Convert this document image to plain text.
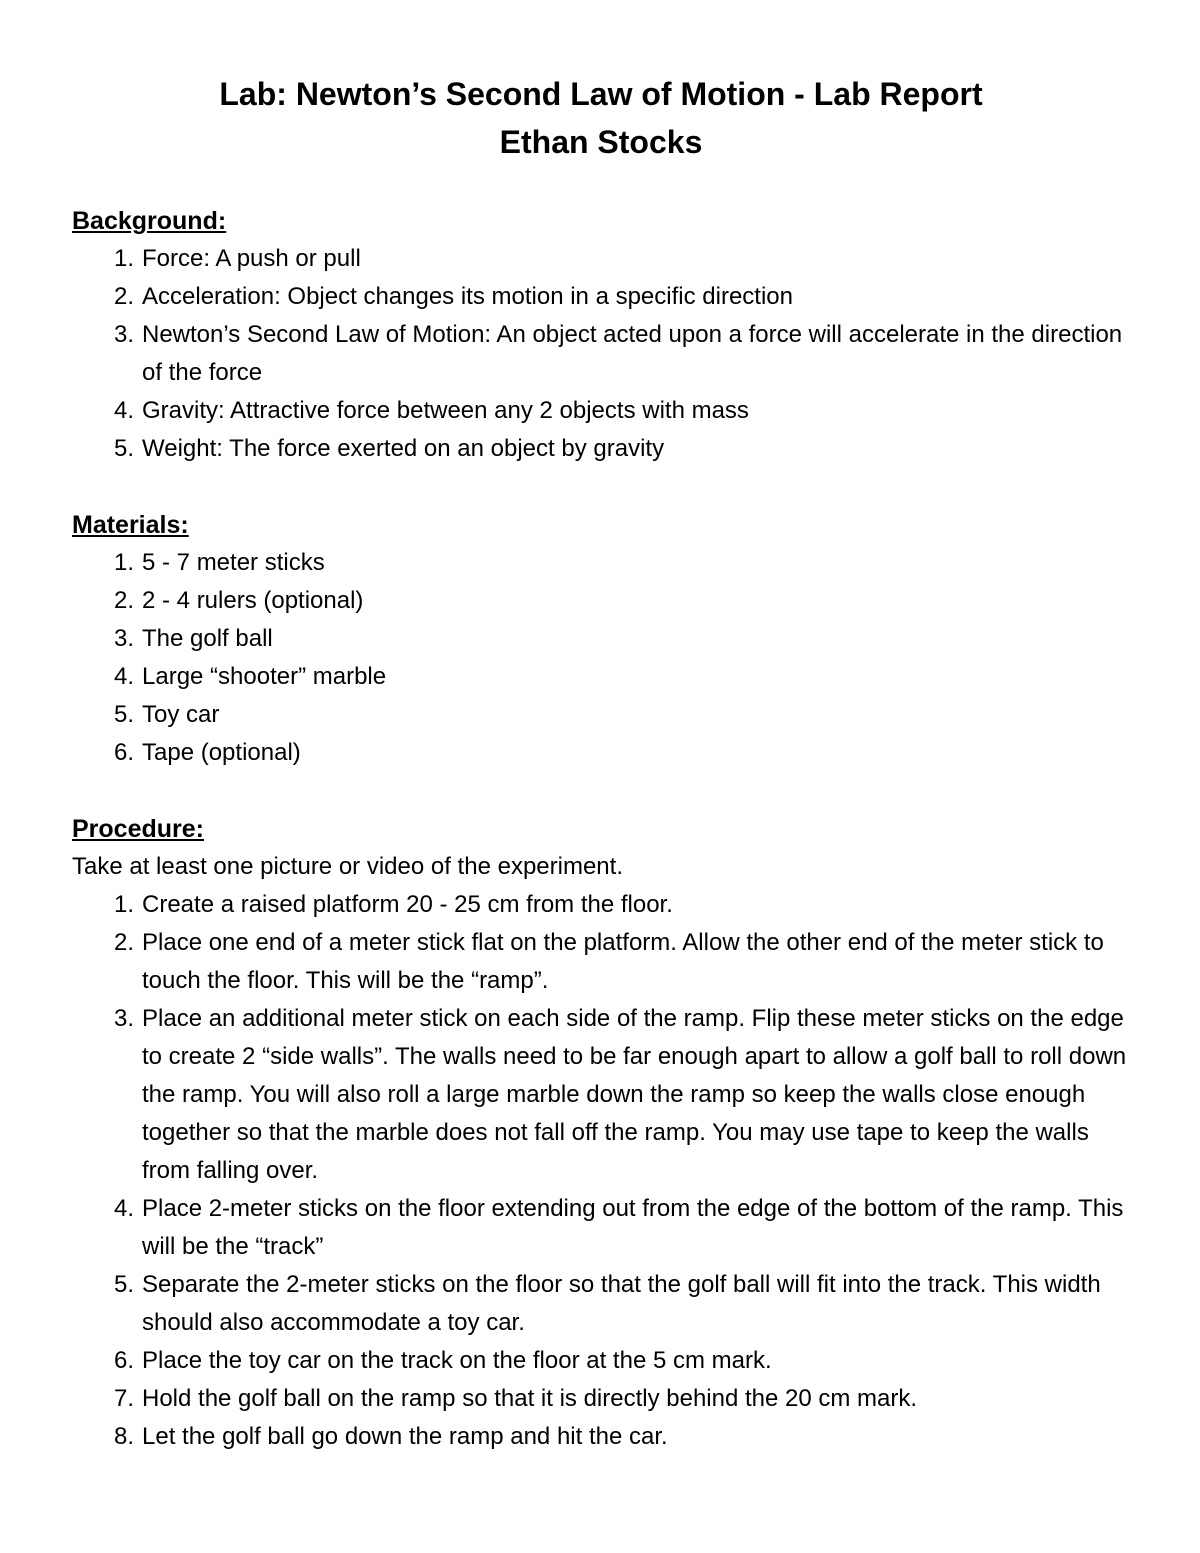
Lab: Newton’s Second Law of Motion - Lab Report
Ethan Stocks
Background:
1. Force: A push or pull
2. Acceleration: Object changes its motion in a specific direction
3. Newton’s Second Law of Motion: An object acted upon a force will accelerate in the direction of the force
4. Gravity: Attractive force between any 2 objects with mass
5. Weight: The force exerted on an object by gravity
Materials:
1. 5 - 7 meter sticks
2. 2 - 4 rulers (optional)
3. The golf ball
4. Large “shooter” marble
5. Toy car
6. Tape (optional)
Procedure:

Take at least one picture or video of the experiment.

1. Create a raised platform 20 - 25 cm from the floor.
2. Place one end of a meter stick flat on the platform. Allow the other end of the meter stick to touch the floor. This will be the “ramp”.
3. Place an additional meter stick on each side of the ramp. Flip these meter sticks on the edge to create 2 “side walls”. The walls need to be far enough apart to allow a golf ball to roll down the ramp. You will also roll a large marble down the ramp so keep the walls close enough together so that the marble does not fall off the ramp. You may use tape to keep the walls from falling over.
4. Place 2-meter sticks on the floor extending out from the edge of the bottom of the ramp. This will be the “track”
5. Separate the 2-meter sticks on the floor so that the golf ball will fit into the track. This width should also accommodate a toy car.
6. Place the toy car on the track on the floor at the 5 cm mark.
7. Hold the golf ball on the ramp so that it is directly behind the 20 cm mark.
8. Let the golf ball go down the ramp and hit the car.
